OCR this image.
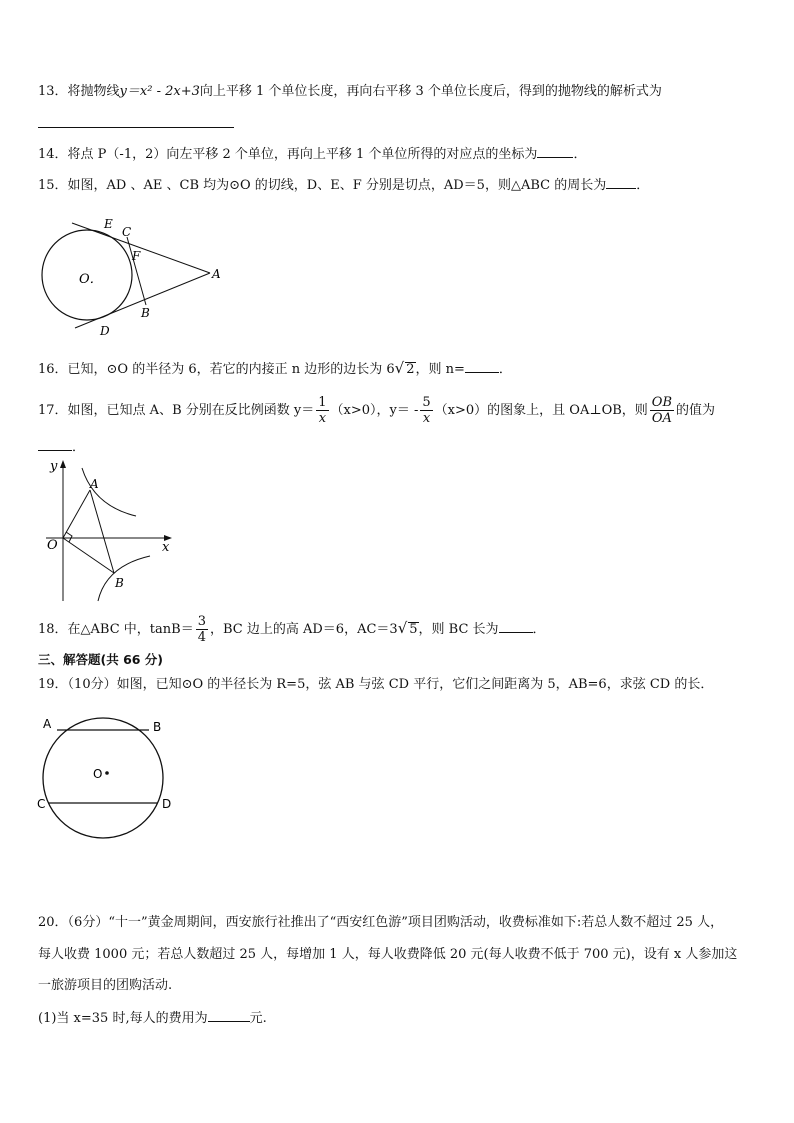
13．将抛物线y＝x² - 2x+3向上平移 1 个单位长度，再向右平移 3 个单位长度后，得到的抛物线的解析式为
14．将点 P（-1，2）向左平移 2 个单位，再向上平移 1 个单位所得的对应点的坐标为	．
15．如图，AD 、AE 、CB 均为⊙O 的切线，D、E、F 分别是切点，AD＝5，则△ABC 的周长为 ．
E
C
F
O．	A
B
D
16．已知，⊙O 的半径为 6，若它的内接正 n 边形的边长为 6√ 2，则 n=	．
17．如图，已知点 A、B 分别在反比例函数 $y= \frac{1}{x} (x>0)$，$y= - \frac{5}{x} (x>0)$的图象上，且 OA⊥OB，则 $\frac{OB}{OA}$ 的值为
．
y
x
O
A
B
18．在△ABC 中，$\tan B= \frac{3}{4}$ ，BC 边上的高 AD＝6，AC＝3√ 5，则 BC 长为	．
三、解答题(共 66 分)
19．（10分）如图，已知⊙O 的半径长为 R=5，弦 AB 与弦 CD 平行，它们之间距离为 5，AB=6，求弦 CD 的长．
A	B
C	D
O
20．（6分）“十一”黄金周期间，西安旅行社推出了“西安红色游”项目团购活动，收费标准如下:若总人数不超过 25 人，
每人收费 1000 元；若总人数超过 25 人，每增加 1 人，每人收费降低 20 元(每人收费不低于 700 元)，设有 x 人参加这
一旅游项目的团购活动.
(1)当 x=35 时,每人的费用为	元.
